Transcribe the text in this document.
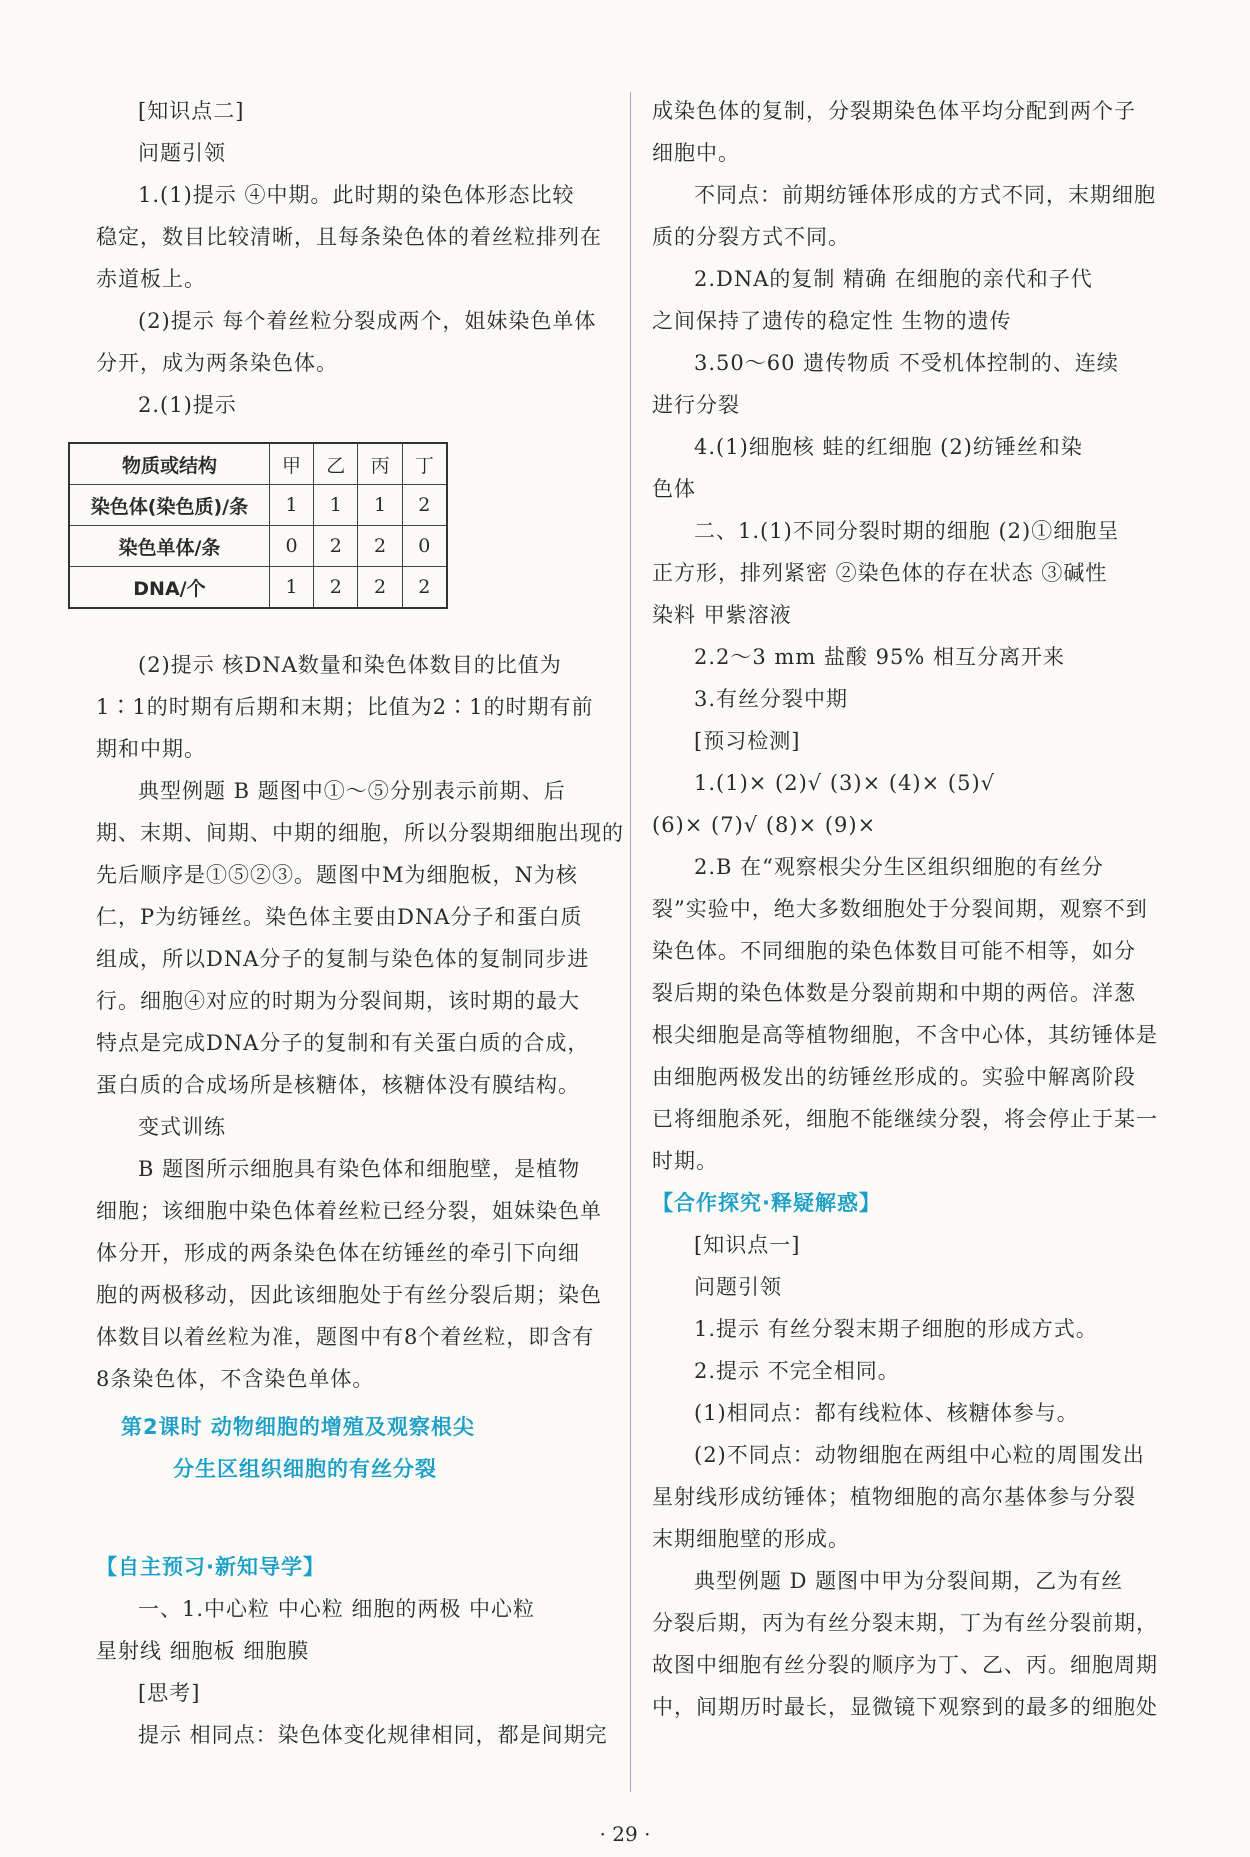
[知识点二]
问题引领
1.(1)提示 ④中期。此时期的染色体形态比较
稳定，数目比较清晰，且每条染色体的着丝粒排列在
赤道板上。
(2)提示 每个着丝粒分裂成两个，姐妹染色单体
分开，成为两条染色体。
2.(1)提示
(2)提示 核DNA数量和染色体数目的比值为
1∶1的时期有后期和末期；比值为2∶1的时期有前
期和中期。
典型例题 B 题图中①～⑤分别表示前期、后
期、末期、间期、中期的细胞，所以分裂期细胞出现的
先后顺序是①⑤②③。题图中M为细胞板，N为核
仁，P为纺锤丝。染色体主要由DNA分子和蛋白质
组成，所以DNA分子的复制与染色体的复制同步进
行。细胞④对应的时期为分裂间期，该时期的最大
特点是完成DNA分子的复制和有关蛋白质的合成，
蛋白质的合成场所是核糖体，核糖体没有膜结构。
变式训练
B 题图所示细胞具有染色体和细胞壁，是植物
细胞；该细胞中染色体着丝粒已经分裂，姐妹染色单
体分开，形成的两条染色体在纺锤丝的牵引下向细
胞的两极移动，因此该细胞处于有丝分裂后期；染色
体数目以着丝粒为准，题图中有8个着丝粒，即含有
8条染色体，不含染色单体。
【自主预习·新知导学】
一、1.中心粒 中心粒 细胞的两极 中心粒
星射线 细胞板 细胞膜
[思考]
提示 相同点：染色体变化规律相同，都是间期完
成染色体的复制，分裂期染色体平均分配到两个子
细胞中。
不同点：前期纺锤体形成的方式不同，末期细胞
质的分裂方式不同。
2.DNA的复制 精确 在细胞的亲代和子代
之间保持了遗传的稳定性 生物的遗传
3.50～60 遗传物质 不受机体控制的、连续
进行分裂
4.(1)细胞核 蛙的红细胞 (2)纺锤丝和染
色体
二、1.(1)不同分裂时期的细胞 (2)①细胞呈
正方形，排列紧密 ②染色体的存在状态 ③碱性
染料 甲紫溶液
2.2～3 mm 盐酸 95% 相互分离开来
3.有丝分裂中期
[预习检测]
1.(1)× (2)√ (3)× (4)× (5)√
(6)× (7)√ (8)× (9)×
2.B 在“观察根尖分生区组织细胞的有丝分
裂”实验中，绝大多数细胞处于分裂间期，观察不到
染色体。不同细胞的染色体数目可能不相等，如分
裂后期的染色体数是分裂前期和中期的两倍。洋葱
根尖细胞是高等植物细胞，不含中心体，其纺锤体是
由细胞两极发出的纺锤丝形成的。实验中解离阶段
已将细胞杀死，细胞不能继续分裂，将会停止于某一
时期。
【合作探究·释疑解惑】
[知识点一]
问题引领
1.提示 有丝分裂末期子细胞的形成方式。
2.提示 不完全相同。
(1)相同点：都有线粒体、核糖体参与。
(2)不同点：动物细胞在两组中心粒的周围发出
星射线形成纺锤体；植物细胞的高尔基体参与分裂
末期细胞壁的形成。
典型例题 D 题图中甲为分裂间期，乙为有丝
分裂后期，丙为有丝分裂末期，丁为有丝分裂前期，
故图中细胞有丝分裂的顺序为丁、乙、丙。细胞周期
中，间期历时最长，显微镜下观察到的最多的细胞处
物质或结构	甲	乙	丙	丁
染色体(染色质)/条	1	1	1	2
染色单体/条	0	2	2	0
DNA/个	1	2	2	2
第2课时 动物细胞的增殖及观察根尖
分生区组织细胞的有丝分裂
· 29 ·
